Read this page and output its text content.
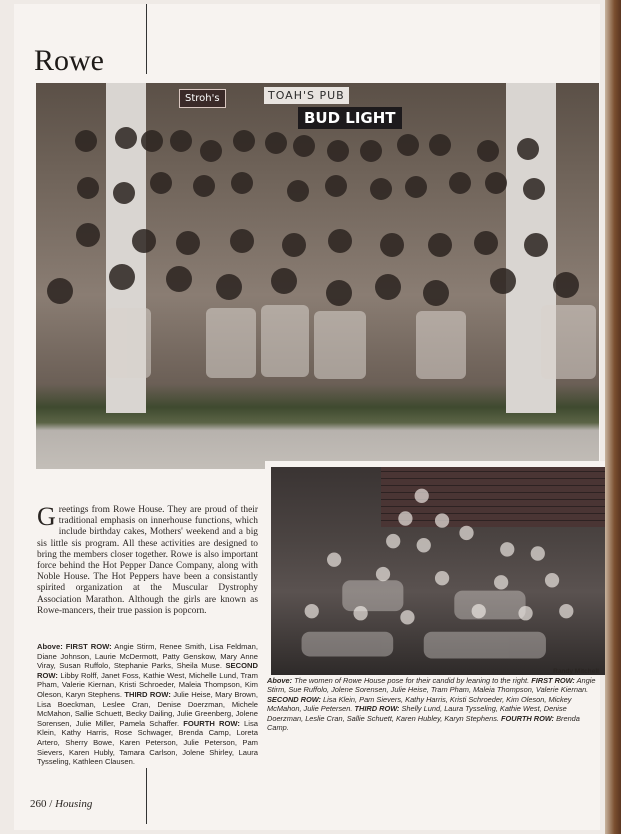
Rowe
TOAH'S PUB
Stroh's
BUD LIGHT

Greetings from Rowe House. They are proud of their traditional emphasis on innerhouse functions, which include birthday cakes, Mothers' weekend and a big sis little sis program. All these activities are designed to bring the members closer together. Rowe is also important force behind the Hot Pepper Dance Company, along with Noble House. The Hot Peppers have been a consistantly spirited organization at the Muscular Dystrophy Association Marathon. Although the girls are known as Rowe-mancers, their true passion is popcorn.

Above: FIRST ROW: Angie Stirm, Renee Smith, Lisa Feldman, Diane Johnson, Laurie McDermott, Patty Genskow, Mary Anne Viray, Susan Ruffolo, Stephanie Parks, Sheila Muse. SECOND ROW: Libby Rolff, Janet Foss, Kathie West, Michelle Lund, Tram Pham, Valerie Kiernan, Kristi Schroeder, Maleia Thompson, Kim Oleson, Karyn Stephens. THIRD ROW: Julie Heise, Mary Brown, Lisa Boeckman, Leslee Cran, Denise Doerzman, Michele McMahon, Sallie Schuett, Becky Dailing, Julie Greenberg, Jolene Sorensen, Julie Miller, Pamela Schaffer. FOURTH ROW: Lisa Klein, Kathy Harris, Rose Schwager, Brenda Camp, Loreta Artero, Sherry Bowe, Karen Peterson, Julie Peterson, Pam Sievers, Karen Hubly, Tamara Carlson, Jolene Shirley, Laura Tysseling, Kathleen Clausen.

Randy Mitchell

Above: The women of Rowe House pose for their candid by leaning to the right. FIRST ROW: Angie Stirm, Sue Ruffolo, Jolene Sorensen, Julie Heise, Tram Pham, Maleia Thompson, Valerie Kiernan. SECOND ROW: Lisa Klein, Pam Sievers, Kathy Harris, Kristi Schroeder, Kim Oleson, Mickey McMahon, Julie Petersen. THIRD ROW: Shelly Lund, Laura Tysseling, Kathie West, Denise Doerzman, Leslie Cran, Sallie Schuett, Karen Hubley, Karyn Stephens. FOURTH ROW: Brenda Camp.

260 / Housing
